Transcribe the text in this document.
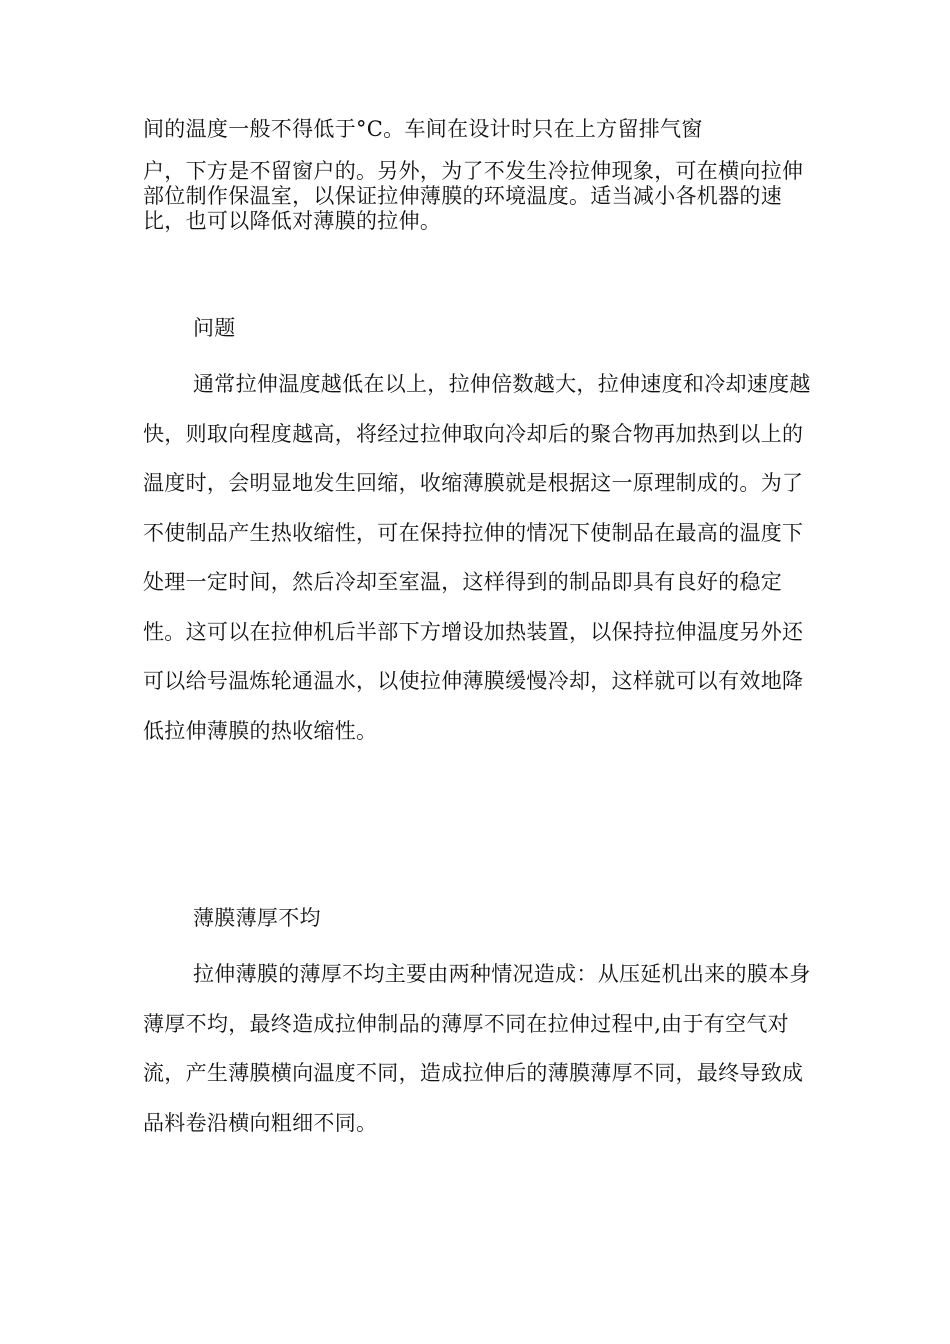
间的温度一般不得低于°C。车间在设计时只在上方留排气窗
户，下方是不留窗户的。另外，为了不发生冷拉伸现象，可在横向拉伸部位制作保温室，以保证拉伸薄膜的环境温度。适当减小各机器的速比，也可以降低对薄膜的拉伸。

问题

通常拉伸温度越低在以上，拉伸倍数越大，拉伸速度和冷却速度越快，则取向程度越高，将经过拉伸取向冷却后的聚合物再加热到以上的温度时，会明显地发生回缩，收缩薄膜就是根据这一原理制成的。为了不使制品产生热收缩性，可在保持拉伸的情况下使制品在最高的温度下处理一定时间，然后冷却至室温，这样得到的制品即具有良好的稳定性。这可以在拉伸机后半部下方增设加热装置，以保持拉伸温度另外还可以给号温炼轮通温水，以使拉伸薄膜缓慢冷却，这样就可以有效地降低拉伸薄膜的热收缩性。

薄膜薄厚不均

拉伸薄膜的薄厚不均主要由两种情况造成：从压延机出来的膜本身薄厚不均，最终造成拉伸制品的薄厚不同在拉伸过程中,由于有空气对流，产生薄膜横向温度不同，造成拉伸后的薄膜薄厚不同，最终导致成品料卷沿横向粗细不同。
